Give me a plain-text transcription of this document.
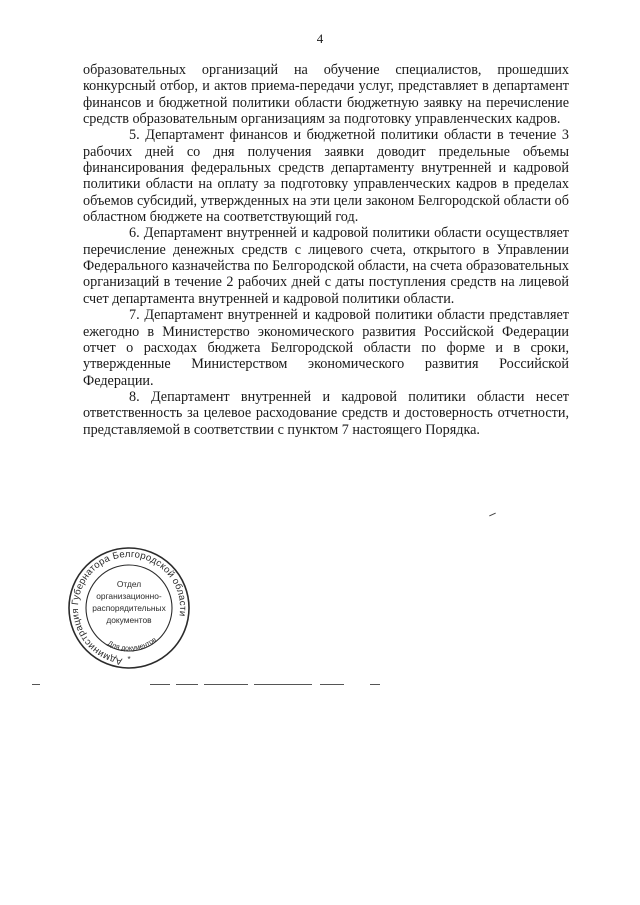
4

образовательных организаций на обучение специалистов, прошедших конкурсный отбор, и актов приема-передачи услуг, представляет в департамент финансов и бюджетной политики области бюджетную заявку на перечисление средств образовательным организациям за подготовку управленческих кадров.

5. Департамент финансов и бюджетной политики области в течение 3 рабочих дней со дня получения заявки доводит предельные объемы финансирования федеральных средств департаменту внутренней и кадровой политики области на оплату за подготовку управленческих кадров в пределах объемов субсидий, утвержденных на эти цели законом Белгородской области об областном бюджете на соответствующий год.

6. Департамент внутренней и кадровой политики области осуществляет перечисление денежных средств с лицевого счета, открытого в Управлении Федерального казначейства по Белгородской области, на счета образовательных организаций в течение 2 рабочих дней с даты поступления средств на лицевой счет департамента внутренней и кадровой политики области.

7. Департамент внутренней и кадровой политики области представляет ежегодно в Министерство экономического развития Российской Федерации отчет о расходах бюджета Белгородской области по форме и в сроки, утвержденные Министерством экономического развития Российской Федерации.

8. Департамент внутренней и кадровой политики области несет ответственность за целевое расходование средств и достоверность отчетности, представляемой в соответствии с пунктом 7 настоящего Порядка.

Администрация Губернатора Белгородской области
Для документов
*
Отдел
организационно-
распорядительных
документов
